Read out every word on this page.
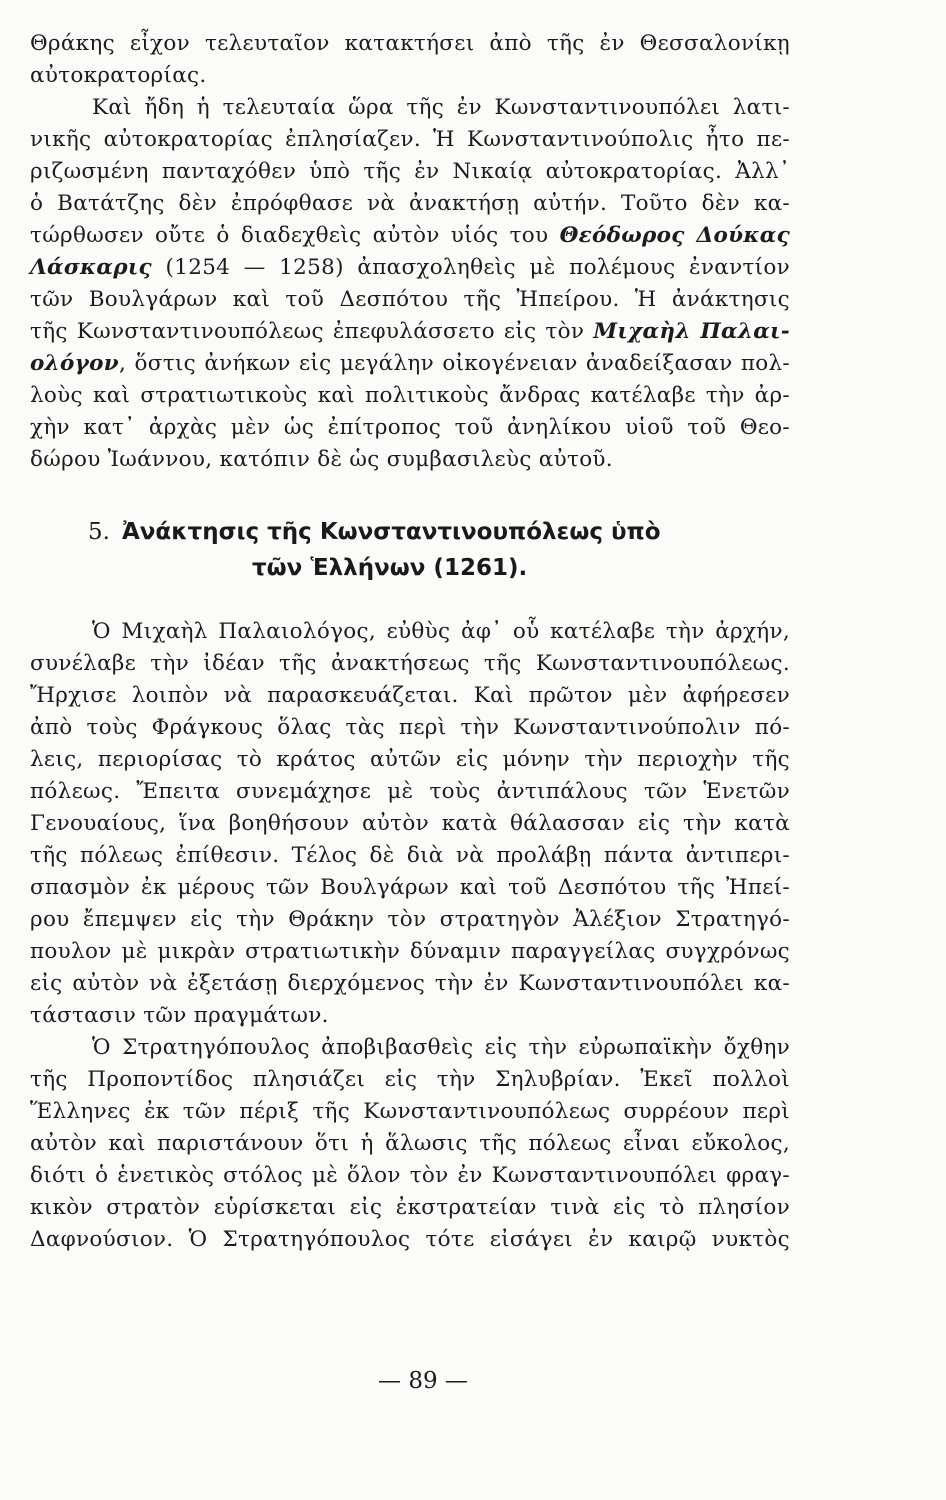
Θράκης εἶχον τελευταῖον κατακτήσει ἀπὸ τῆς ἐν Θεσσαλονίκῃ
αὐτοκρατορίας.
Καὶ ἤδη ἡ τελευταία ὥρα τῆς ἐν Κωνσταντινουπόλει λατι-
νικῆς αὐτοκρατορίας ἐπλησίαζεν. Ἡ Κωνσταντινούπολις ἦτο πε-
ριζωσμένη πανταχόθεν ὑπὸ τῆς ἐν Νικαίᾳ αὐτοκρατορίας. Ἀλλ᾽
ὁ Βατάτζης δὲν ἐπρόφθασε νὰ ἀνακτήσῃ αὐτήν. Τοῦτο δὲν κα-
τώρθωσεν οὔτε ὁ διαδεχθεὶς αὐτὸν υἱός του Θεόδωρος Δούκας
Λάσκαρις (1254 — 1258) ἀπασχοληθεὶς μὲ πολέμους ἐναντίον
τῶν Βουλγάρων καὶ τοῦ Δεσπότου τῆς Ἠπείρου. Ἡ ἀνάκτησις
τῆς Κωνσταντινουπόλεως ἐπεφυλάσσετο εἰς τὸν Μιχαὴλ Παλαι-
ολόγον, ὅστις ἀνήκων εἰς μεγάλην οἰκογένειαν ἀναδείξασαν πολ-
λοὺς καὶ στρατιωτικοὺς καὶ πολιτικοὺς ἄνδρας κατέλαβε τὴν ἀρ-
χὴν κατ᾽ ἀρχὰς μὲν ὡς ἐπίτροπος τοῦ ἀνηλίκου υἱοῦ τοῦ Θεο-
δώρου Ἰωάννου, κατόπιν δὲ ὡς συμβασιλεὺς αὐτοῦ.
5. Ἀνάκτησις τῆς Κωνσταντινουπόλεως ὑπὸ
τῶν Ἑλλήνων (1261).
Ὁ Μιχαὴλ Παλαιολόγος, εὐθὺς ἀφ᾽ οὗ κατέλαβε τὴν ἀρχήν,
συνέλαβε τὴν ἰδέαν τῆς ἀνακτήσεως τῆς Κωνσταντινουπόλεως.
Ἤρχισε λοιπὸν νὰ παρασκευάζεται. Καὶ πρῶτον μὲν ἀφήρεσεν
ἀπὸ τοὺς Φράγκους ὅλας τὰς περὶ τὴν Κωνσταντινούπολιν πό-
λεις, περιορίσας τὸ κράτος αὐτῶν εἰς μόνην τὴν περιοχὴν τῆς
πόλεως. Ἔπειτα συνεμάχησε μὲ τοὺς ἀντιπάλους τῶν Ἑνετῶν
Γενουαίους, ἵνα βοηθήσουν αὐτὸν κατὰ θάλασσαν εἰς τὴν κατὰ
τῆς πόλεως ἐπίθεσιν. Τέλος δὲ διὰ νὰ προλάβῃ πάντα ἀντιπερι-
σπασμὸν ἐκ μέρους τῶν Βουλγάρων καὶ τοῦ Δεσπότου τῆς Ἠπεί-
ρου ἔπεμψεν εἰς τὴν Θράκην τὸν στρατηγὸν Ἀλέξιον Στρατηγό-
πουλον μὲ μικρὰν στρατιωτικὴν δύναμιν παραγγείλας συγχρόνως
εἰς αὐτὸν νὰ ἐξετάσῃ διερχόμενος τὴν ἐν Κωνσταντινουπόλει κα-
τάστασιν τῶν πραγμάτων.
Ὁ Στρατηγόπουλος ἀποβιβασθεὶς εἰς τὴν εὐρωπαϊκὴν ὄχθην
τῆς Προποντίδος πλησιάζει εἰς τὴν Σηλυβρίαν. Ἐκεῖ πολλοὶ
Ἕλληνες ἐκ τῶν πέριξ τῆς Κωνσταντινουπόλεως συρρέουν περὶ
αὐτὸν καὶ παριστάνουν ὅτι ἡ ἅλωσις τῆς πόλεως εἶναι εὔκολος,
διότι ὁ ἑνετικὸς στόλος μὲ ὅλον τὸν ἐν Κωνσταντινουπόλει φραγ-
κικὸν στρατὸν εὑρίσκεται εἰς ἐκστρατείαν τινὰ εἰς τὸ πλησίον
Δαφνούσιον. Ὁ Στρατηγόπουλος τότε εἰσάγει ἐν καιρῷ νυκτὸς
— 89 —
